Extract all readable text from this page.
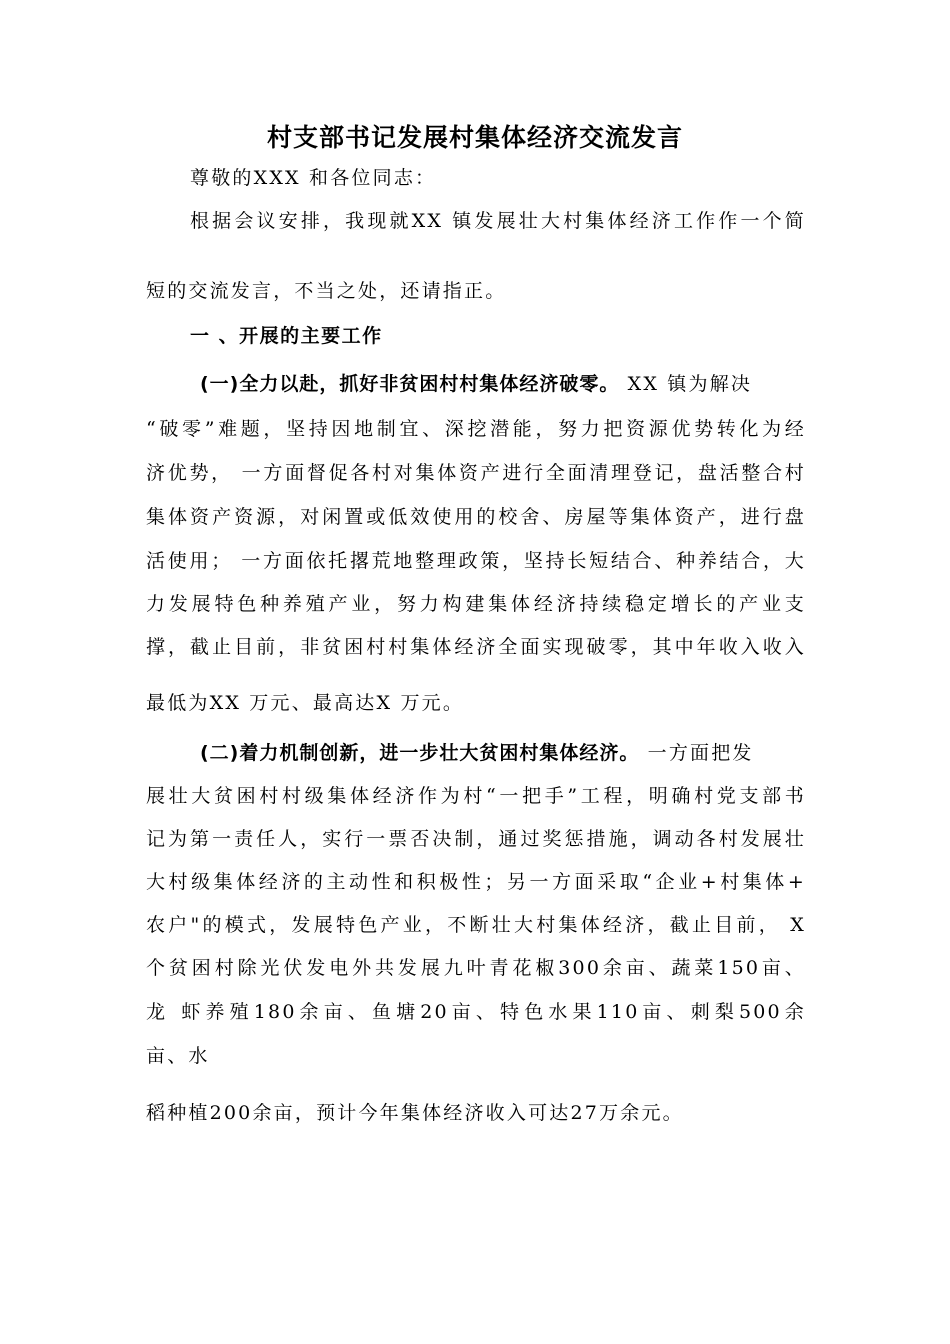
村支部书记发展村集体经济交流发言
尊敬的XXX 和各位同志：
根据会议安排，我现就XX 镇发展壮大村集体经济工作作一个简
短的交流发言，不当之处，还请指正。
一 、开展的主要工作
(一)全力以赴，抓好非贫困村村集体经济破零。 XX 镇为解决
“破零”难题，坚持因地制宜、深挖潜能，努力把资源优势转化为经
济优势， 一方面督促各村对集体资产进行全面清理登记，盘活整合村
集体资产资源，对闲置或低效使用的校舍、房屋等集体资产，进行盘
活使用； 一方面依托撂荒地整理政策，坚持长短结合、种养结合，大
力发展特色种养殖产业，努力构建集体经济持续稳定增长的产业支
撑，截止目前，非贫困村村集体经济全面实现破零，其中年收入收入
最低为XX 万元、最高达X 万元。
(二)着力机制创新，进一步壮大贫困村集体经济。 一方面把发
展壮大贫困村村级集体经济作为村“一把手”工程，明确村党支部书
记为第一责任人，实行一票否决制，通过奖惩措施，调动各村发展壮
大村级集体经济的主动性和积极性；另一方面采取“企业+村集体+
农户"的模式，发展特色产业，不断壮大村集体经济，截止目前， X
个贫困村除光伏发电外共发展九叶青花椒300余亩、蔬菜150亩、
龙 虾养殖180余亩、鱼塘20亩、特色水果110亩、刺梨500余
亩、水
稻种植200余亩，预计今年集体经济收入可达27万余元。
